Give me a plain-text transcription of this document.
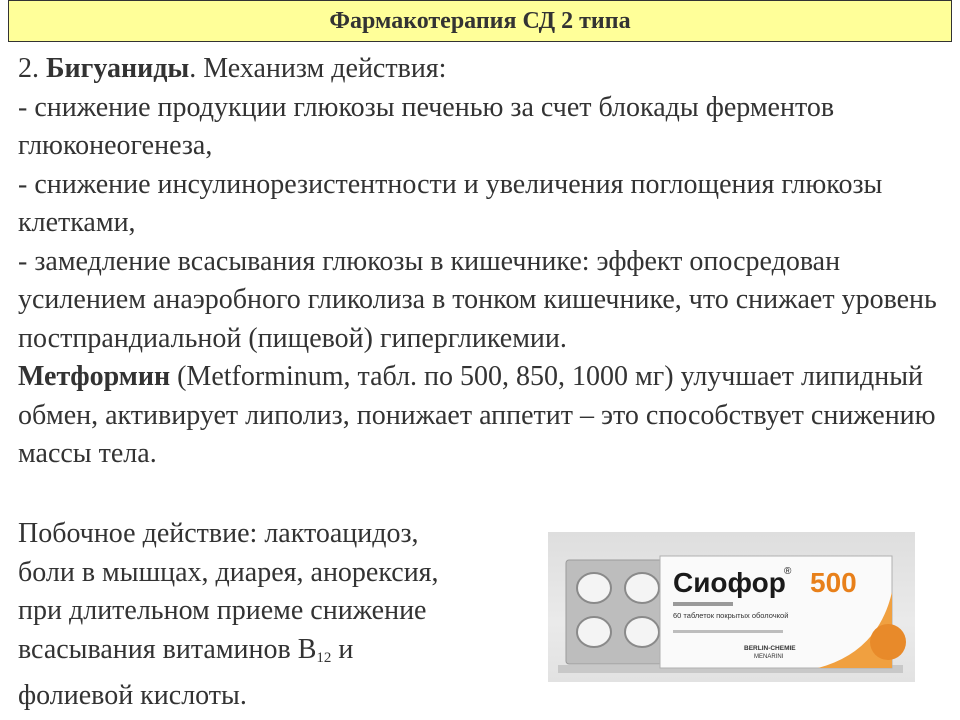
Фармакотерапия СД 2 типа

2. Бигуаниды. Механизм действия:

- снижение продукции глюкозы печенью за счет блокады ферментов глюконеогенеза,

- снижение инсулинорезистентности и увеличения поглощения глюкозы клетками,

- замедление всасывания глюкозы в кишечнике: эффект опосредован усилением анаэробного гликолиза в тонком кишечнике, что снижает уровень постпрандиальной (пищевой) гипергликемии.

Метформин (Metforminum, табл. по 500, 850, 1000 мг) улучшает липидный обмен, активирует липолиз, понижает аппетит – это способствует снижению массы тела.

Побочное действие: лактоацидоз,

боли в мышцах, диарея, анорексия,

при длительном приеме снижение

всасывания витаминов $B_{12}$ и

фолиевой кислоты.

Сиофор
® 500
60 таблеток покрытых оболочкой
BERLIN-CHEMIE
MENARINI
